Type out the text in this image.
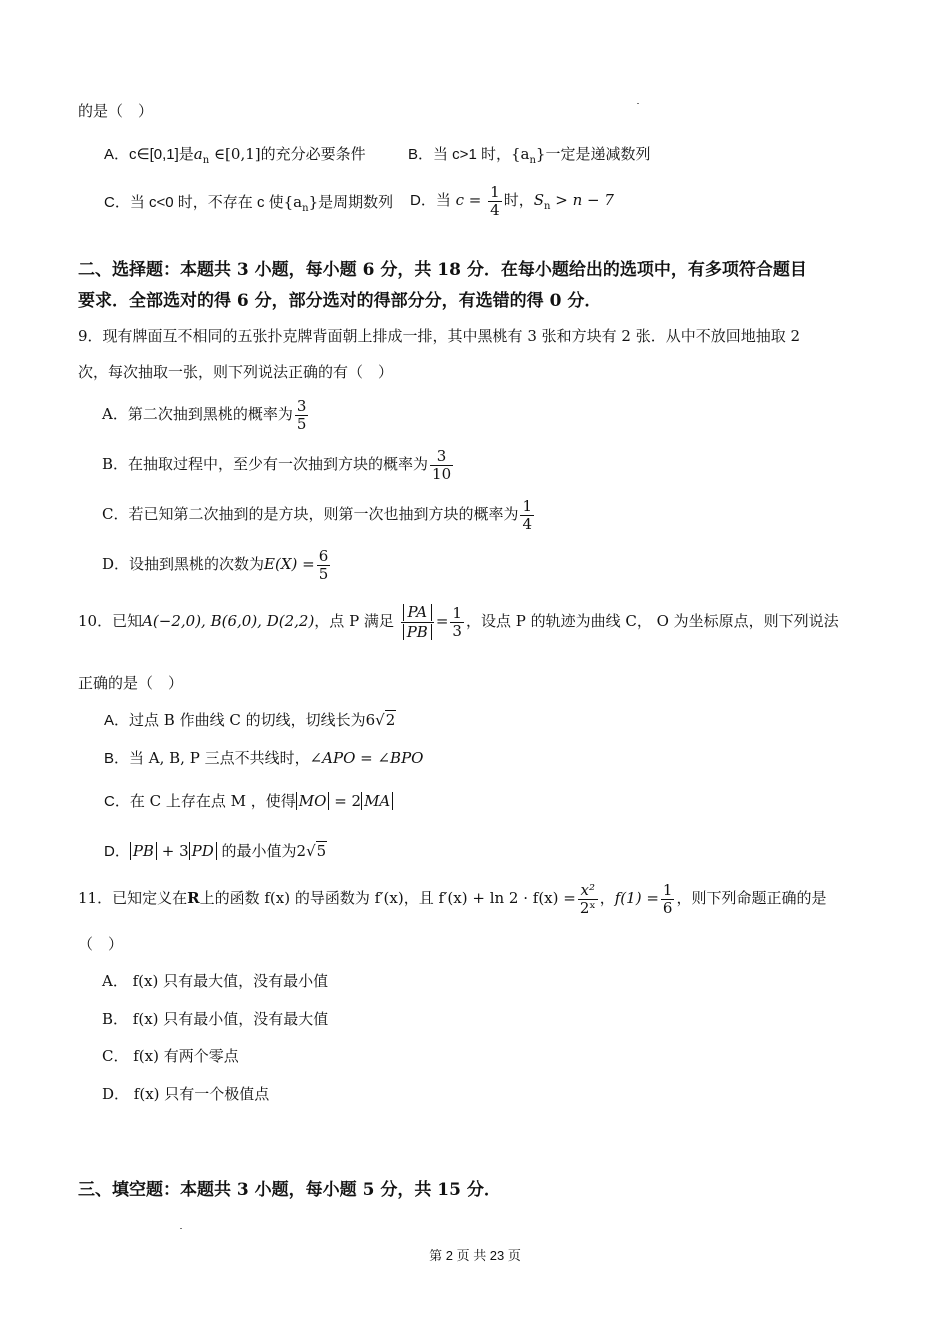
的是（　）
A．c∈[0,1]是$a_n$ ∈[0,1]的充分必要条件	B．当 c>1 时，$\{a_n\}$一定是递减数列
C．当 c<0 时，不存在 c 使$\{a_n\}$是周期数列 D．当 $c = \frac{1}{4}$ 时，$S_n > n - 7$
二、选择题：本题共 3 小题，每小题 6 分，共 18 分．在每小题给出的选项中，有多项符合题目
要求．全部选对的得 6 分，部分选对的得部分分，有选错的得 0 分．
9．现有牌面互不相同的五张扑克牌背面朝上排成一排，其中黑桃有 3 张和方块有 2 张．从中不放回地抽取 2
次，每次抽取一张，则下列说法正确的有（　）
A．第二次抽到黑桃的概率为 $\frac{3}{5}$
B．在抽取过程中，至少有一次抽到方块的概率为 $\frac{3}{10}$
C．若已知第二次抽到的是方块，则第一次也抽到方块的概率为 $\frac{1}{4}$
D．设抽到黑桃的次数为$E(X) = \frac{6}{5}$
10．已知A(−2,0), B(6,0), D(2,2)，点 P 满足 $\frac{PA}{PB} = \frac{1}{3}$ ，设点 P 的轨迹为曲线 C， O 为坐标原点，则下列说法
正确的是（　）
A．过点 B 作曲线 C 的切线，切线长为6√2
B．当 A, B, P 三点不共线时，∠APO = ∠BPO
C．在 C 上存在点 M ，使得 MO = 2 MA
D． PB + 3 PD 的最小值为2√5
11．已知定义在R上的函数 f(x) 的导函数为 f′(x)，且 $f'(x) + \ln 2 \cdot f(x) = \frac{\text{x²}}{\text{2ˣ}}$ ，$f(1) = \frac{1}{6}$ ，则下列命题正确的是
（　）
A． f(x) 只有最大值，没有最小值
B． f(x) 只有最小值，没有最大值
C． f(x) 有两个零点
D． f(x) 只有一个极值点
三、填空题：本题共 3 小题，每小题 5 分，共 15 分．
第 2 页 共 23 页
